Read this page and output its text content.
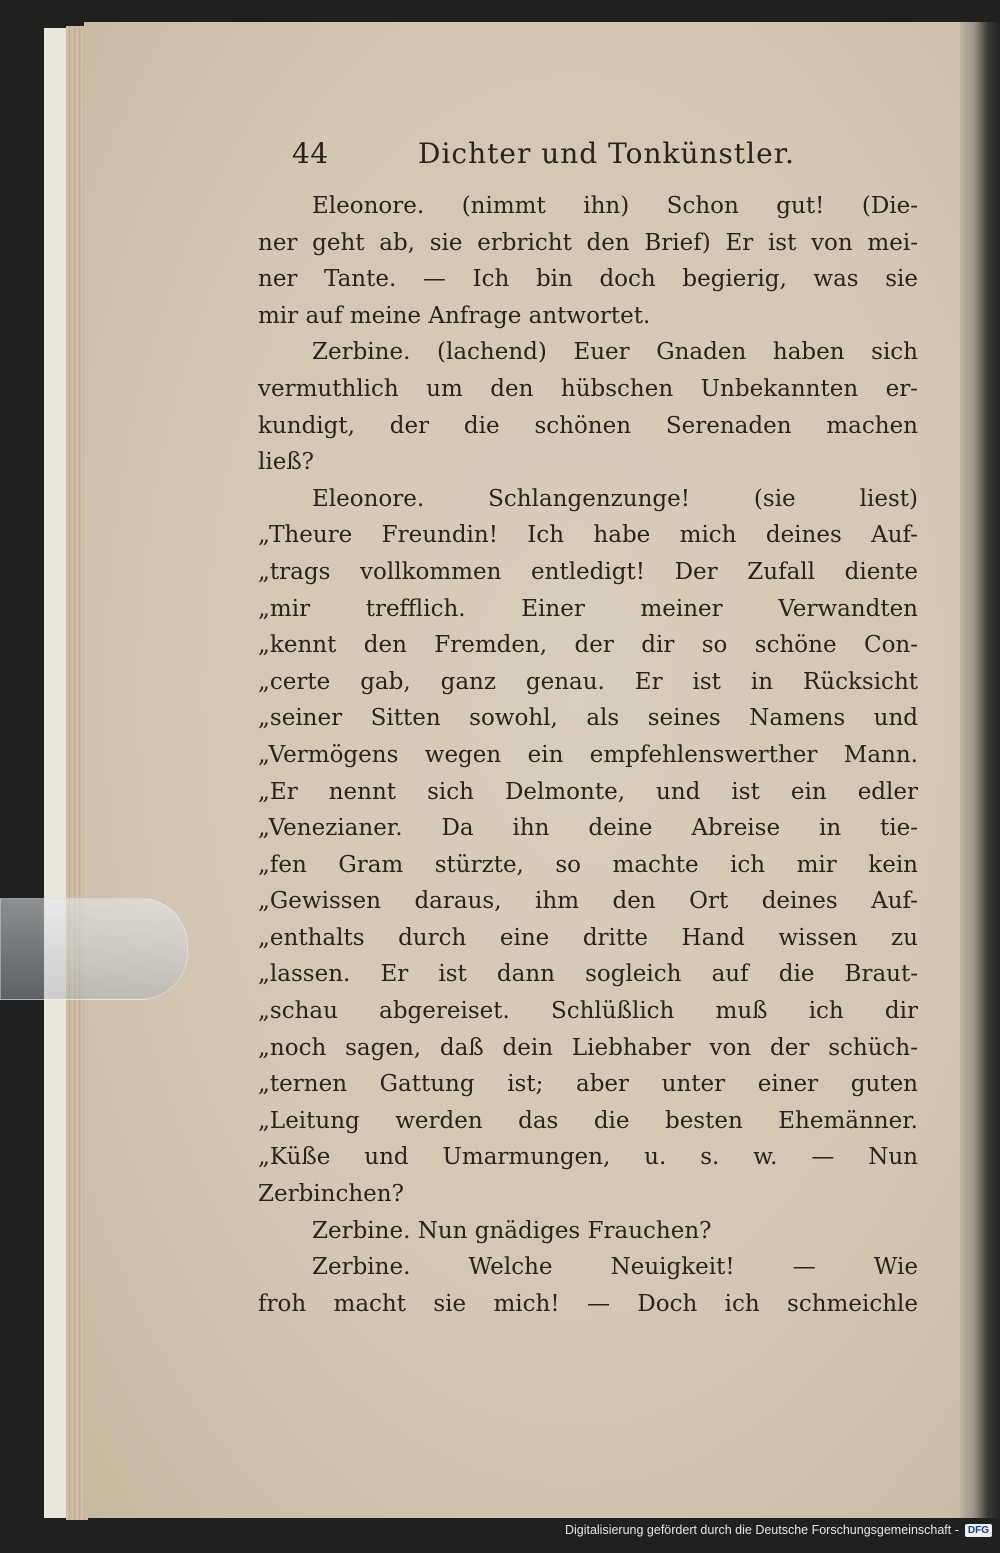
44	Dichter und Tonkünstler.
Eleonore. (nimmt ihn) Schon gut! (Die-
ner geht ab, sie erbricht den Brief) Er ist von mei-
ner Tante. — Ich bin doch begierig, was sie
mir auf meine Anfrage antwortet.
Zerbine. (lachend) Euer Gnaden haben sich
vermuthlich um den hübschen Unbekannten er-
kundigt, der die schönen Serenaden machen
ließ?
Eleonore. Schlangenzunge! (sie liest)
„Theure Freundin! Ich habe mich deines Auf-
„trags vollkommen entledigt! Der Zufall diente
„mir trefflich. Einer meiner Verwandten
„kennt den Fremden, der dir so schöne Con-
„certe gab, ganz genau. Er ist in Rücksicht
„seiner Sitten sowohl, als seines Namens und
„Vermögens wegen ein empfehlenswerther Mann.
„Er nennt sich Delmonte, und ist ein edler
„Venezianer. Da ihn deine Abreise in tie-
„fen Gram stürzte, so machte ich mir kein
„Gewissen daraus, ihm den Ort deines Auf-
„enthalts durch eine dritte Hand wissen zu
„lassen. Er ist dann sogleich auf die Braut-
„schau abgereiset. Schlüßlich muß ich dir
„noch sagen, daß dein Liebhaber von der schüch-
„ternen Gattung ist; aber unter einer guten
„Leitung werden das die besten Ehemänner.
„Küße und Umarmungen, u. s. w. — Nun
Zerbinchen?
Zerbine. Nun gnädiges Frauchen?
Zerbine. Welche Neuigkeit! — Wie
froh macht sie mich! — Doch ich schmeichle
Digitalisierung gefördert durch die Deutsche Forschungsgemeinschaft - DFG
